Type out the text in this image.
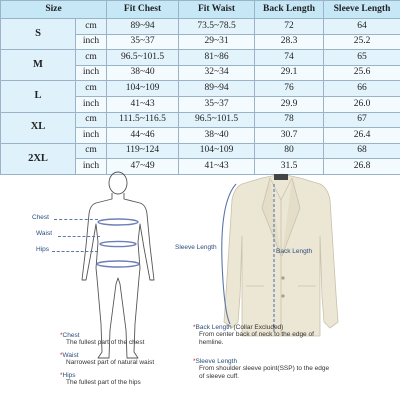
Size		Fit Chest	Fit Waist	Back Length	Sleeve Length
S	cm	89~94	73.5~78.5	72	64
	inch	35~37	29~31	28.3	25.2
M	cm	96.5~101.5	81~86	74	65
	inch	38~40	32~34	29.1	25.6
L	cm	104~109	89~94	76	66
	inch	41~43	35~37	29.9	26.0
XL	cm	111.5~116.5	96.5~101.5	78	67
	inch	44~46	38~40	30.7	26.4
2XL	cm	119~124	104~109	80	68
	inch	47~49	41~43	31.5	26.8
Chest
Waist
Hips	Sleeve Length
Back Length
*Chest
The fullest part of the chest
*Waist
Narrowest part of natural waist
*Hips
The fullest part of the hips
*Back Length (Collar Excluded)
From center back of neck to the edge of
hemline.
*Sleeve Length
From shoulder sleeve point(SSP) to the edge
of sleeve cuff.
